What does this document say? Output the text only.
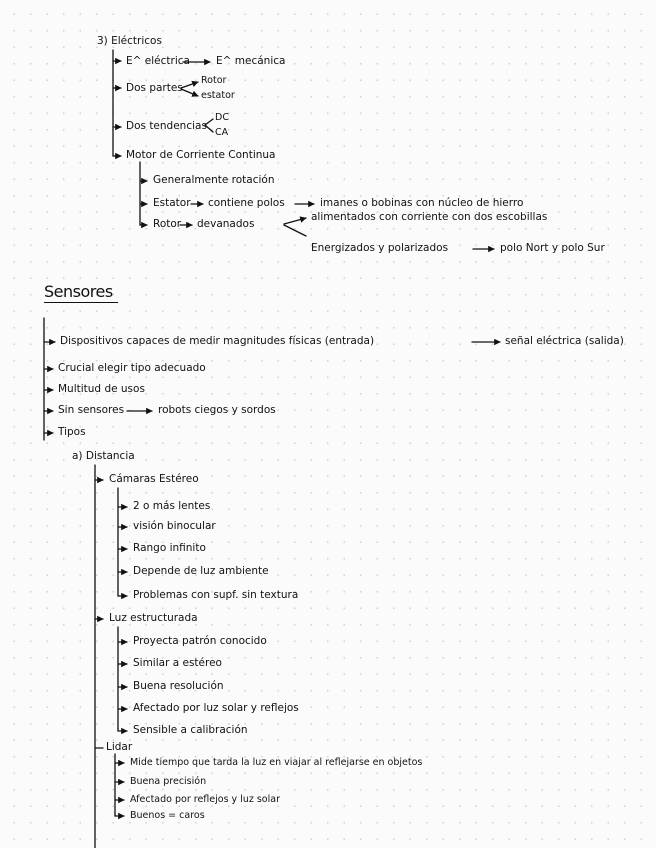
3) Eléctricos
E^ eléctrica E^ mecánica
Dos partes
Rotor
estator
Dos tendencias
DC
CA
Motor de Corriente Continua
Generalmente rotación
Estator contiene polos	imanes o bobinas con núcleo de hierro
Rotor devanados
alimentados con corriente con dos escobillas
Energizados y polarizados	polo Nort y polo Sur
Sensores
Dispositivos capaces de medir magnitudes físicas (entrada)	señal eléctrica (salida)
Crucial elegir tipo adecuado
Multitud de usos
Sin sensores	robots ciegos y sordos
Tipos
a) Distancia
Cámaras Estéreo
2 o más lentes
visión binocular
Rango infinito
Depende de luz ambiente
Problemas con supf. sin textura
Luz estructurada
Proyecta patrón conocido
Similar a estéreo
Buena resolución
Afectado por luz solar y reflejos
Sensible a calibración
Lidar
Mide tiempo que tarda la luz en viajar al reflejarse en objetos
Buena precisión
Afectado por reflejos y luz solar
Buenos = caros
